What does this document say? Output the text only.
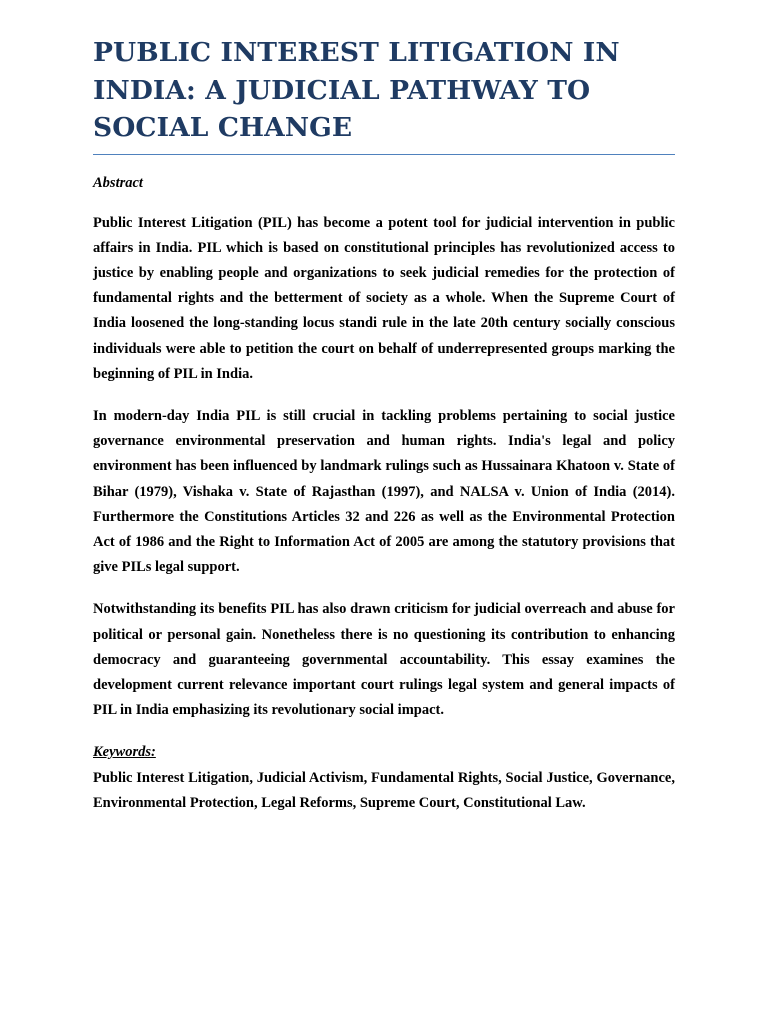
PUBLIC INTEREST LITIGATION IN INDIA: A JUDICIAL PATHWAY TO SOCIAL CHANGE

Abstract

Public Interest Litigation (PIL) has become a potent tool for judicial intervention in public affairs in India. PIL which is based on constitutional principles has revolutionized access to justice by enabling people and organizations to seek judicial remedies for the protection of fundamental rights and the betterment of society as a whole. When the Supreme Court of India loosened the long-standing locus standi rule in the late 20th century socially conscious individuals were able to petition the court on behalf of underrepresented groups marking the beginning of PIL in India.

In modern-day India PIL is still crucial in tackling problems pertaining to social justice governance environmental preservation and human rights. India's legal and policy environment has been influenced by landmark rulings such as Hussainara Khatoon v. State of Bihar (1979), Vishaka v. State of Rajasthan (1997), and NALSA v. Union of India (2014). Furthermore the Constitutions Articles 32 and 226 as well as the Environmental Protection Act of 1986 and the Right to Information Act of 2005 are among the statutory provisions that give PILs legal support.

Notwithstanding its benefits PIL has also drawn criticism for judicial overreach and abuse for political or personal gain. Nonetheless there is no questioning its contribution to enhancing democracy and guaranteeing governmental accountability. This essay examines the development current relevance important court rulings legal system and general impacts of PIL in India emphasizing its revolutionary social impact.

Keywords:

Public Interest Litigation, Judicial Activism, Fundamental Rights, Social Justice, Governance, Environmental Protection, Legal Reforms, Supreme Court, Constitutional Law.
